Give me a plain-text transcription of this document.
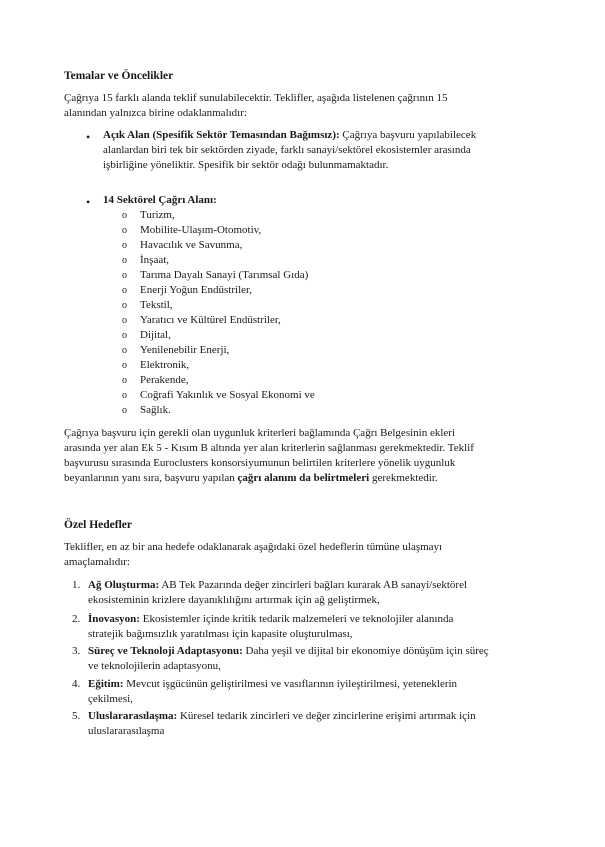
Temalar ve Öncelikler
Çağrıya 15 farklı alanda teklif sunulabilecektir. Teklifler, aşağıda listelenen çağrının 15
alanından yalnızca birine odaklanmalıdır:
• Açık Alan (Spesifik Sektör Temasından Bağımsız): Çağrıya başvuru yapılabilecek
alanlardan biri tek bir sektörden ziyade, farklı sanayi/sektörel ekosistemler arasında
işbirliğine yöneliktir. Spesifik bir sektör odağı bulunmamaktadır.
• 14 Sektörel Çağrı Alanı:
o Turizm,
o Mobilite-Ulaşım-Otomotiv,
o Havacılık ve Savunma,
o İnşaat,
o Tarıma Dayalı Sanayi (Tarımsal Gıda)
o Enerji Yoğun Endüstriler,
o Tekstil,
o Yaratıcı ve Kültürel Endüstriler,
o Dijital,
o Yenilenebilir Enerji,
o Elektronik,
o Perakende,
o Coğrafi Yakınlık ve Sosyal Ekonomi ve
o Sağlık.
Çağrıya başvuru için gerekli olan uygunluk kriterleri bağlamında Çağrı Belgesinin ekleri
arasında yer alan Ek 5 - Kısım B altında yer alan kriterlerin sağlanması gerekmektedir. Teklif
başvurusu sırasında Euroclusters konsorsiyumunun belirtilen kriterlere yönelik uygunluk
beyanlarının yanı sıra, başvuru yapılan çağrı alanını da belirtmeleri gerekmektedir.
Özel Hedefler
Teklifler, en az bir ana hedefe odaklanarak aşağıdaki özel hedeflerin tümüne ulaşmayı
amaçlamalıdır:
1. Ağ Oluşturma: AB Tek Pazarında değer zincirleri bağları kurarak AB sanayi/sektörel
ekosisteminin krizlere dayanıklılığını artırmak için ağ geliştirmek,
2. İnovasyon: Ekosistemler içinde kritik tedarik malzemeleri ve teknolojiler alanında
stratejik bağımsızlık yaratılması için kapasite oluşturulması,
3. Süreç ve Teknoloji Adaptasyonu: Daha yeşil ve dijital bir ekonomiye dönüşüm için süreç
ve teknolojilerin adaptasyonu,
4. Eğitim: Mevcut işgücünün geliştirilmesi ve vasıflarının iyileştirilmesi, yeteneklerin
çekilmesi,
5. Uluslararasılaşma: Küresel tedarik zincirleri ve değer zincirlerine erişimi artırmak için
uluslararasılaşma
